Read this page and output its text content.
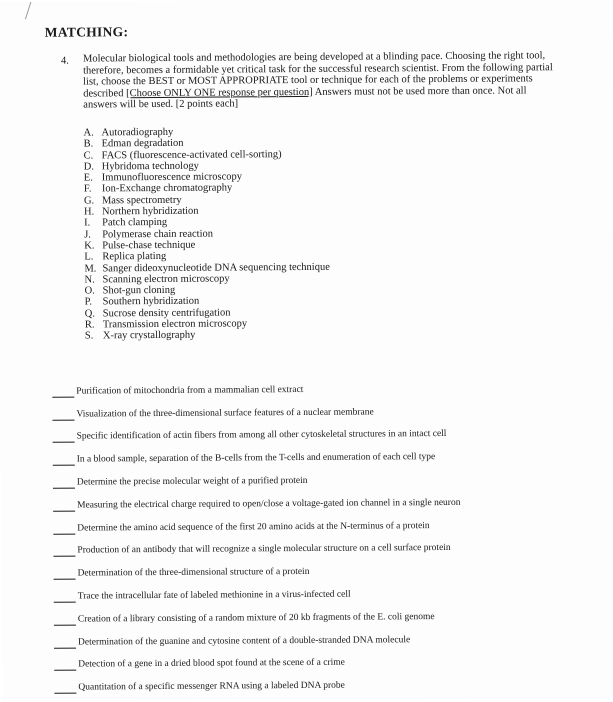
MATCHING:
4. Molecular biological tools and methodologies are being developed at a blinding pace. Choosing the right tool, therefore, becomes a formidable yet critical task for the successful research scientist. From the following partial list, choose the BEST or MOST APPROPRIATE tool or technique for each of the problems or experiments described [Choose ONLY ONE response per question] Answers must not be used more than once. Not all answers will be used. [2 points each]

A. Autoradiography
B. Edman degradation
C. FACS (fluorescence-activated cell-sorting)
D. Hybridoma technology
E. Immunofluorescence microscopy
F. Ion-Exchange chromatography
G. Mass spectrometry
H. Northern hybridization
I.	Patch clamping
J.	Polymerase chain reaction
K. Pulse-chase technique
L. Replica plating
M. Sanger dideoxynucleotide DNA sequencing technique
N. Scanning electron microscopy
O. Shot-gun cloning
P.	Southern hybridization
Q. Sucrose density centrifugation
R. Transmission electron microscopy
S. X-ray crystallography
Purification of mitochondria from a mammalian cell extract
Visualization of the three-dimensional surface features of a nuclear membrane
Specific identification of actin fibers from among all other cytoskeletal structures in an intact cell
In a blood sample, separation of the B-cells from the T-cells and enumeration of each cell type
Determine the precise molecular weight of a purified protein
Measuring the electrical charge required to open/close a voltage-gated ion channel in a single neuron
Determine the amino acid sequence of the first 20 amino acids at the N-terminus of a protein
Production of an antibody that will recognize a single molecular structure on a cell surface protein
Determination of the three-dimensional structure of a protein
Trace the intracellular fate of labeled methionine in a virus-infected cell
Creation of a library consisting of a random mixture of 20 kb fragments of the E. coli genome
Determination of the guanine and cytosine content of a double-stranded DNA molecule
Detection of a gene in a dried blood spot found at the scene of a crime
Quantitation of a specific messenger RNA using a labeled DNA probe
